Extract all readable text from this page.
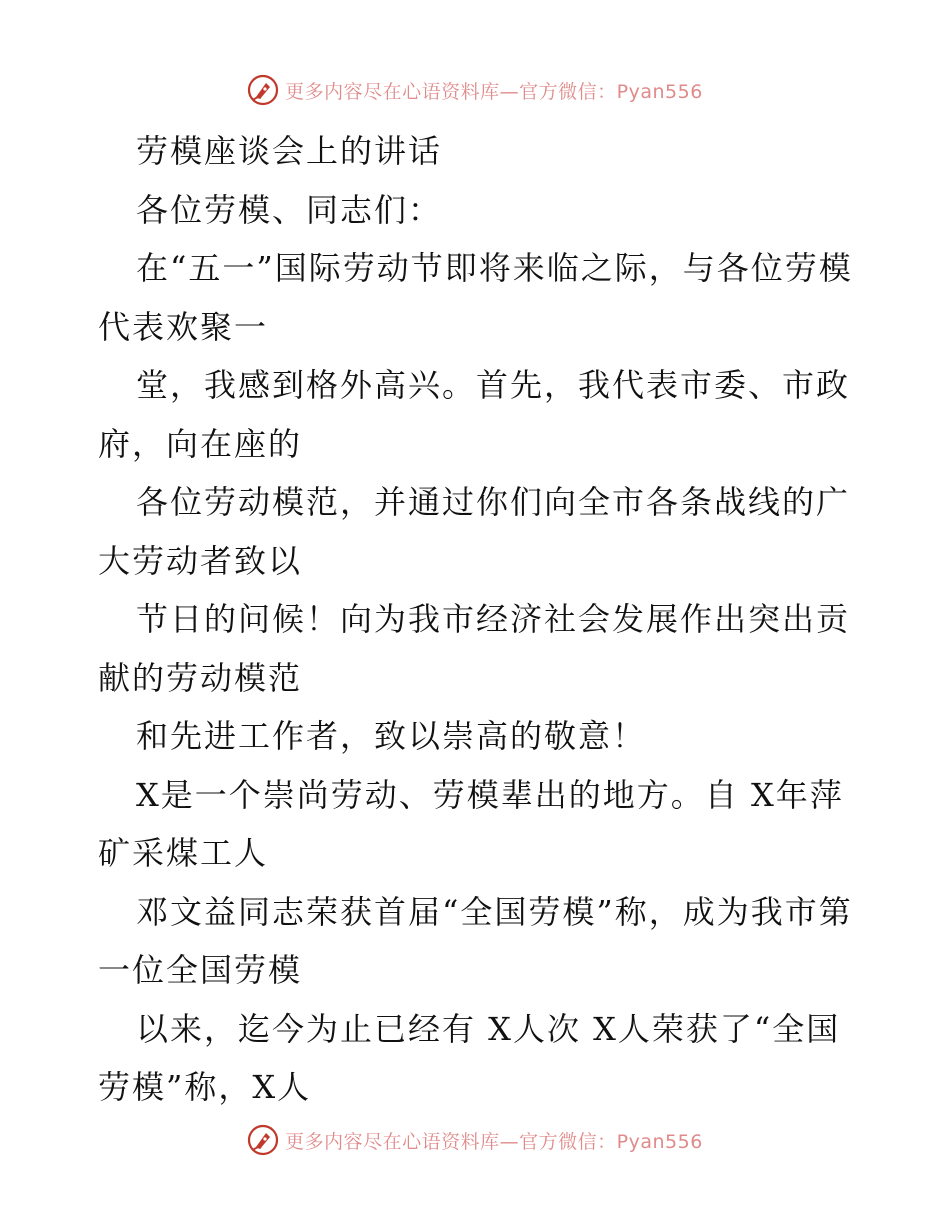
更多内容尽在心语资料库—官方微信：Pyan556

劳模座谈会上的讲话

各位劳模、同志们：

在“五一”国际劳动节即将来临之际，与各位劳模代表欢聚一

堂，我感到格外高兴。首先，我代表市委、市政府，向在座的

各位劳动模范，并通过你们向全市各条战线的广大劳动者致以

节日的问候！向为我市经济社会发展作出突出贡献的劳动模范

和先进工作者，致以崇高的敬意！

X是一个崇尚劳动、劳模辈出的地方。自 X年萍矿采煤工人

邓文益同志荣获首届“全国劳模”称，成为我市第一位全国劳模

以来，迄今为止已经有 X人次 X人荣获了“全国劳模”称，X人

更多内容尽在心语资料库—官方微信：Pyan556
